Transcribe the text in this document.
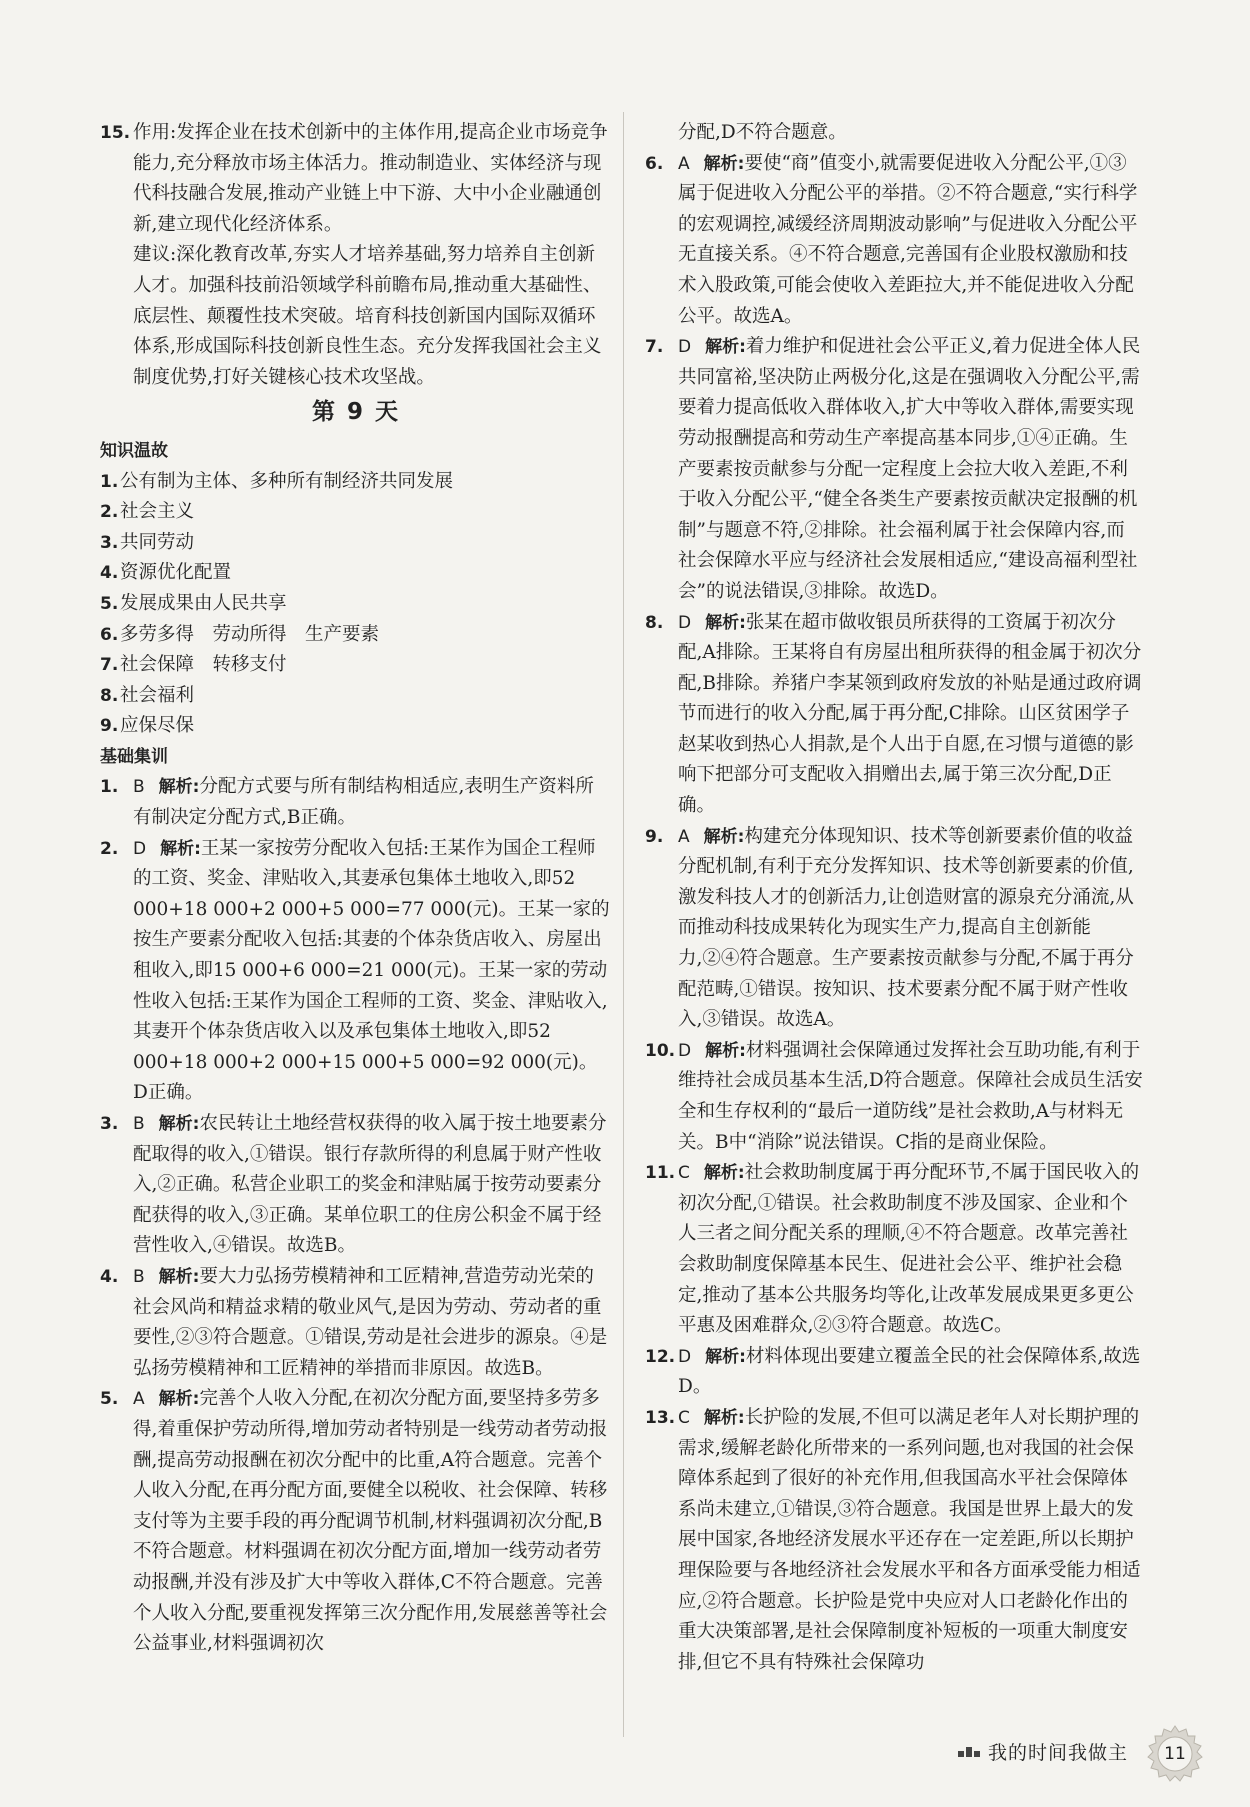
15. 作用:发挥企业在技术创新中的主体作用,提高企业市场竞争能力,充分释放市场主体活力。推动制造业、实体经济与现代科技融合发展,推动产业链上中下游、大中小企业融通创新,建立现代化经济体系。

建议:深化教育改革,夯实人才培养基础,努力培养自主创新人才。加强科技前沿领域学科前瞻布局,推动重大基础性、底层性、颠覆性技术突破。培育科技创新国内国际双循环体系,形成国际科技创新良性生态。充分发挥我国社会主义制度优势,打好关键核心技术攻坚战。

第 9 天

知识温故

1.公有制为主体、多种所有制经济共同发展

2.社会主义

3.共同劳动

4.资源优化配置

5.发展成果由人民共享

6.多劳多得　劳动所得　生产要素

7.社会保障　转移支付

8.社会福利

9.应保尽保

基础集训

1. B 解析:分配方式要与所有制结构相适应,表明生产资料所有制决定分配方式,B正确。
2. D 解析:王某一家按劳分配收入包括:王某作为国企工程师的工资、奖金、津贴收入,其妻承包集体土地收入,即52 000+18 000+2 000+5 000=77 000(元)。王某一家的按生产要素分配收入包括:其妻的个体杂货店收入、房屋出租收入,即15 000+6 000=21 000(元)。王某一家的劳动性收入包括:王某作为国企工程师的工资、奖金、津贴收入,其妻开个体杂货店收入以及承包集体土地收入,即52 000+18 000+2 000+15 000+5 000=92 000(元)。D正确。
3. B 解析:农民转让土地经营权获得的收入属于按土地要素分配取得的收入,①错误。银行存款所得的利息属于财产性收入,②正确。私营企业职工的奖金和津贴属于按劳动要素分配获得的收入,③正确。某单位职工的住房公积金不属于经营性收入,④错误。故选B。
4. B 解析:要大力弘扬劳模精神和工匠精神,营造劳动光荣的社会风尚和精益求精的敬业风气,是因为劳动、劳动者的重要性,②③符合题意。①错误,劳动是社会进步的源泉。④是弘扬劳模精神和工匠精神的举措而非原因。故选B。
5. A 解析:完善个人收入分配,在初次分配方面,要坚持多劳多得,着重保护劳动所得,增加劳动者特别是一线劳动者劳动报酬,提高劳动报酬在初次分配中的比重,A符合题意。完善个人收入分配,在再分配方面,要健全以税收、社会保障、转移支付等为主要手段的再分配调节机制,材料强调初次分配,B不符合题意。材料强调在初次分配方面,增加一线劳动者劳动报酬,并没有涉及扩大中等收入群体,C不符合题意。完善个人收入分配,要重视发挥第三次分配作用,发展慈善等社会公益事业,材料强调初次

分配,D不符合题意。

6. A 解析:要使“商”值变小,就需要促进收入分配公平,①③属于促进收入分配公平的举措。②不符合题意,“实行科学的宏观调控,减缓经济周期波动影响”与促进收入分配公平无直接关系。④不符合题意,完善国有企业股权激励和技术入股政策,可能会使收入差距拉大,并不能促进收入分配公平。故选A。
7. D 解析:着力维护和促进社会公平正义,着力促进全体人民共同富裕,坚决防止两极分化,这是在强调收入分配公平,需要着力提高低收入群体收入,扩大中等收入群体,需要实现劳动报酬提高和劳动生产率提高基本同步,①④正确。生产要素按贡献参与分配一定程度上会拉大收入差距,不利于收入分配公平,“健全各类生产要素按贡献决定报酬的机制”与题意不符,②排除。社会福利属于社会保障内容,而社会保障水平应与经济社会发展相适应,“建设高福利型社会”的说法错误,③排除。故选D。
8. D 解析:张某在超市做收银员所获得的工资属于初次分配,A排除。王某将自有房屋出租所获得的租金属于初次分配,B排除。养猪户李某领到政府发放的补贴是通过政府调节而进行的收入分配,属于再分配,C排除。山区贫困学子赵某收到热心人捐款,是个人出于自愿,在习惯与道德的影响下把部分可支配收入捐赠出去,属于第三次分配,D正确。
9. A 解析:构建充分体现知识、技术等创新要素价值的收益分配机制,有利于充分发挥知识、技术等创新要素的价值,激发科技人才的创新活力,让创造财富的源泉充分涌流,从而推动科技成果转化为现实生产力,提高自主创新能力,②④符合题意。生产要素按贡献参与分配,不属于再分配范畴,①错误。按知识、技术要素分配不属于财产性收入,③错误。故选A。
10. D 解析:材料强调社会保障通过发挥社会互助功能,有利于维持社会成员基本生活,D符合题意。保障社会成员生活安全和生存权利的“最后一道防线”是社会救助,A与材料无关。B中“消除”说法错误。C指的是商业保险。
11. C 解析:社会救助制度属于再分配环节,不属于国民收入的初次分配,①错误。社会救助制度不涉及国家、企业和个人三者之间分配关系的理顺,④不符合题意。改革完善社会救助制度保障基本民生、促进社会公平、维护社会稳定,推动了基本公共服务均等化,让改革发展成果更多更公平惠及困难群众,②③符合题意。故选C。
12. D 解析:材料体现出要建立覆盖全民的社会保障体系,故选D。
13. C 解析:长护险的发展,不但可以满足老年人对长期护理的需求,缓解老龄化所带来的一系列问题,也对我国的社会保障体系起到了很好的补充作用,但我国高水平社会保障体系尚未建立,①错误,③符合题意。我国是世界上最大的发展中国家,各地经济发展水平还存在一定差距,所以长期护理保险要与各地经济社会发展水平和各方面承受能力相适应,②符合题意。长护险是党中央应对人口老龄化作出的重大决策部署,是社会保障制度补短板的一项重大制度安排,但它不具有特殊社会保障功
我的时间我做主	11
